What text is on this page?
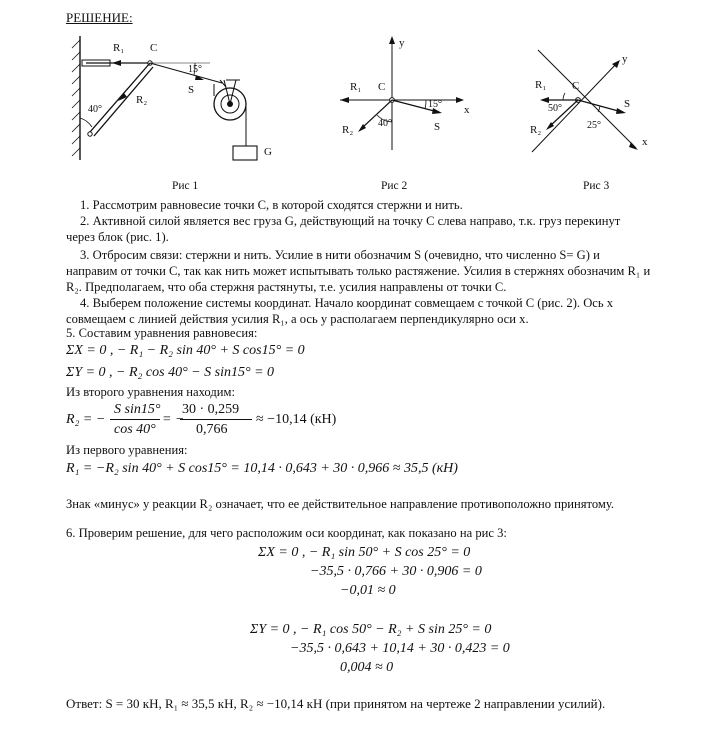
РЕШЕНИЕ:
R₁ C
R₂
S
G
40°
15°
Рис 1
y
x
C
R₁
R₂	S
40°
15°
Рис 2
y
x
C
R₁
R₂
S
50°
25°
Рис 3
1. Рассмотрим равновесие точки С, в которой сходятся стержни и нить.
2. Активной силой является вес груза G, действующий на точку С слева направо, т.к. груз перекинут
через блок (рис. 1).
3. Отбросим связи: стержни и нить. Усилие в нити обозначим S (очевидно, что численно S= G) и
направим от точки С, так как нить может испытывать только растяжение. Усилия в стержнях обозначим R₁ и
R₂. Предполагаем, что оба стержня растянуты, т.е. усилия направлены от точки С.
4. Выберем положение системы координат. Начало координат совмещаем с точкой С (рис. 2). Ось х
совмещаем с линией действия усилия R₁, а ось у располагаем перпендикулярно оси х.
5. Составим уравнения равновесия:
ΣX = 0 , − R₁ − R₂ sin 40° + S cos15° = 0
ΣY = 0 , − R₂ cos 40° − S sin15° = 0
Из второго уравнения находим:
R₂ = −
S sin15°
cos 40°
= −
30 · 0,259
0,766
≈ −10,14 (кН)
Из первого уравнения:
R₁ = −R₂ sin 40° + S cos15° = 10,14 · 0,643 + 30 · 0,966 ≈ 35,5 (кН)
Знак «минус» у реакции R₂ означает, что ее действительное направление противоположно принятому.
6. Проверим решение, для чего расположим оси координат, как показано на рис 3:
ΣX = 0 , − R₁ sin 50° + S cos 25° = 0
−35,5 · 0,766 + 30 · 0,906 = 0
−0,01 ≈ 0
ΣY = 0 , − R₁ cos 50° − R₂ + S sin 25° = 0
−35,5 · 0,643 + 10,14 + 30 · 0,423 = 0
0,004 ≈ 0
Ответ: S = 30 кН, R₁ ≈ 35,5 кН, R₂ ≈ −10,14 кН (при принятом на чертеже 2 направлении усилий).
